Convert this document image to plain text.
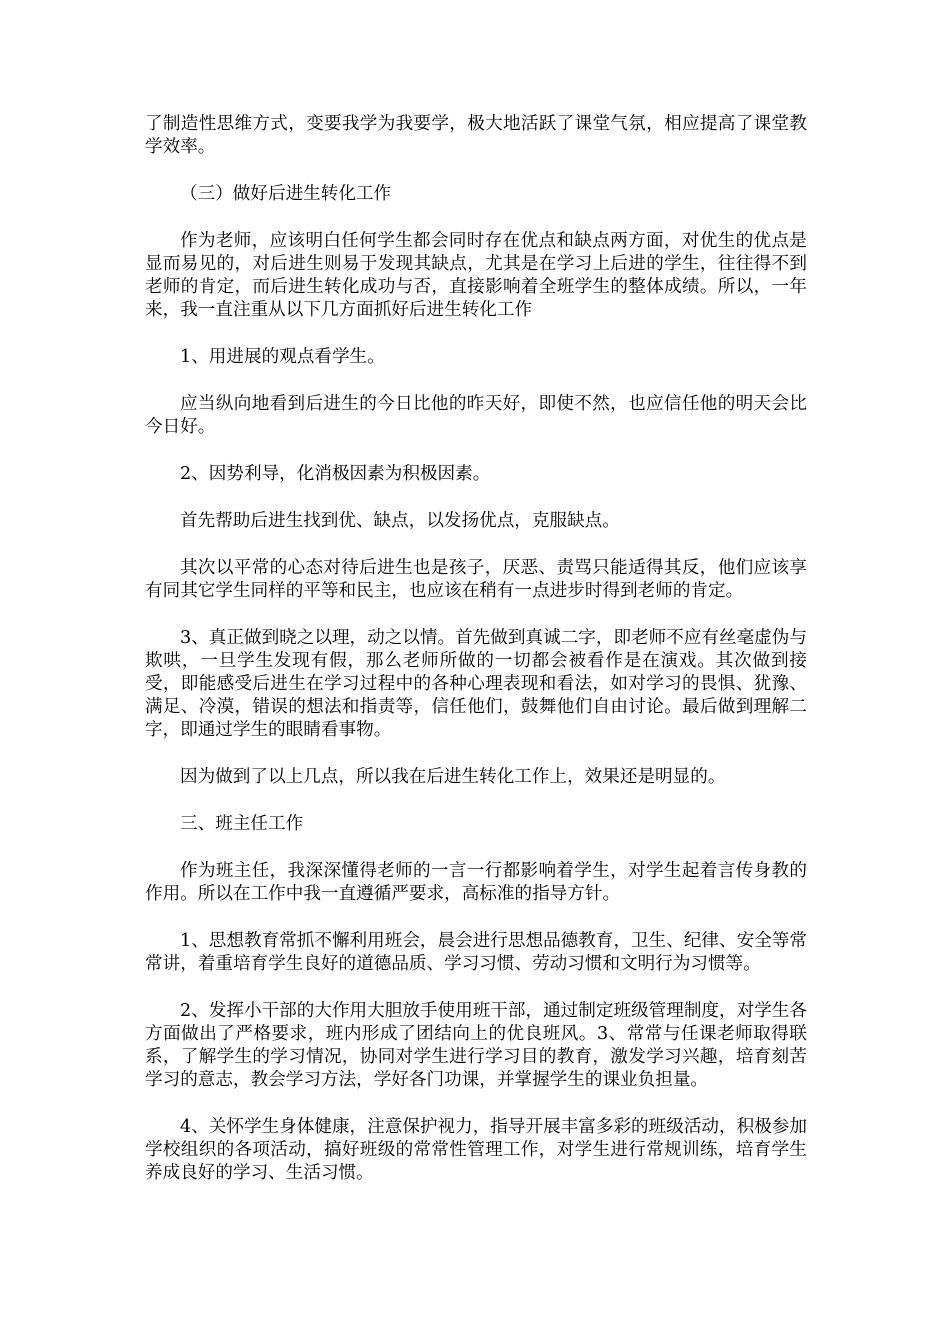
了制造性思维方式，变要我学为我要学，极大地活跃了课堂气氛，相应提高了课堂教学效率。

（三）做好后进生转化工作

作为老师，应该明白任何学生都会同时存在优点和缺点两方面，对优生的优点是显而易见的，对后进生则易于发现其缺点，尤其是在学习上后进的学生，往往得不到老师的肯定，而后进生转化成功与否，直接影响着全班学生的整体成绩。所以，一年来，我一直注重从以下几方面抓好后进生转化工作

1、用进展的观点看学生。

应当纵向地看到后进生的今日比他的昨天好，即使不然，也应信任他的明天会比今日好。

2、因势利导，化消极因素为积极因素。

首先帮助后进生找到优、缺点，以发扬优点，克服缺点。

其次以平常的心态对待后进生也是孩子，厌恶、责骂只能适得其反，他们应该享有同其它学生同样的平等和民主，也应该在稍有一点进步时得到老师的肯定。

3、真正做到晓之以理，动之以情。首先做到真诚二字，即老师不应有丝毫虚伪与欺哄，一旦学生发现有假，那么老师所做的一切都会被看作是在演戏。其次做到接受，即能感受后进生在学习过程中的各种心理表现和看法，如对学习的畏惧、犹豫、满足、冷漠，错误的想法和指责等，信任他们，鼓舞他们自由讨论。最后做到理解二字，即通过学生的眼睛看事物。

因为做到了以上几点，所以我在后进生转化工作上，效果还是明显的。

三、班主任工作

作为班主任，我深深懂得老师的一言一行都影响着学生，对学生起着言传身教的作用。所以在工作中我一直遵循严要求，高标准的指导方针。

1、思想教育常抓不懈利用班会，晨会进行思想品德教育，卫生、纪律、安全等常常讲，着重培育学生良好的道德品质、学习习惯、劳动习惯和文明行为习惯等。

2、发挥小干部的大作用大胆放手使用班干部，通过制定班级管理制度，对学生各方面做出了严格要求，班内形成了团结向上的优良班风。3、常常与任课老师取得联系，了解学生的学习情况，协同对学生进行学习目的教育，激发学习兴趣，培育刻苦学习的意志，教会学习方法，学好各门功课，并掌握学生的课业负担量。

4、关怀学生身体健康，注意保护视力，指导开展丰富多彩的班级活动，积极参加学校组织的各项活动，搞好班级的常常性管理工作，对学生进行常规训练，培育学生养成良好的学习、生活习惯。
